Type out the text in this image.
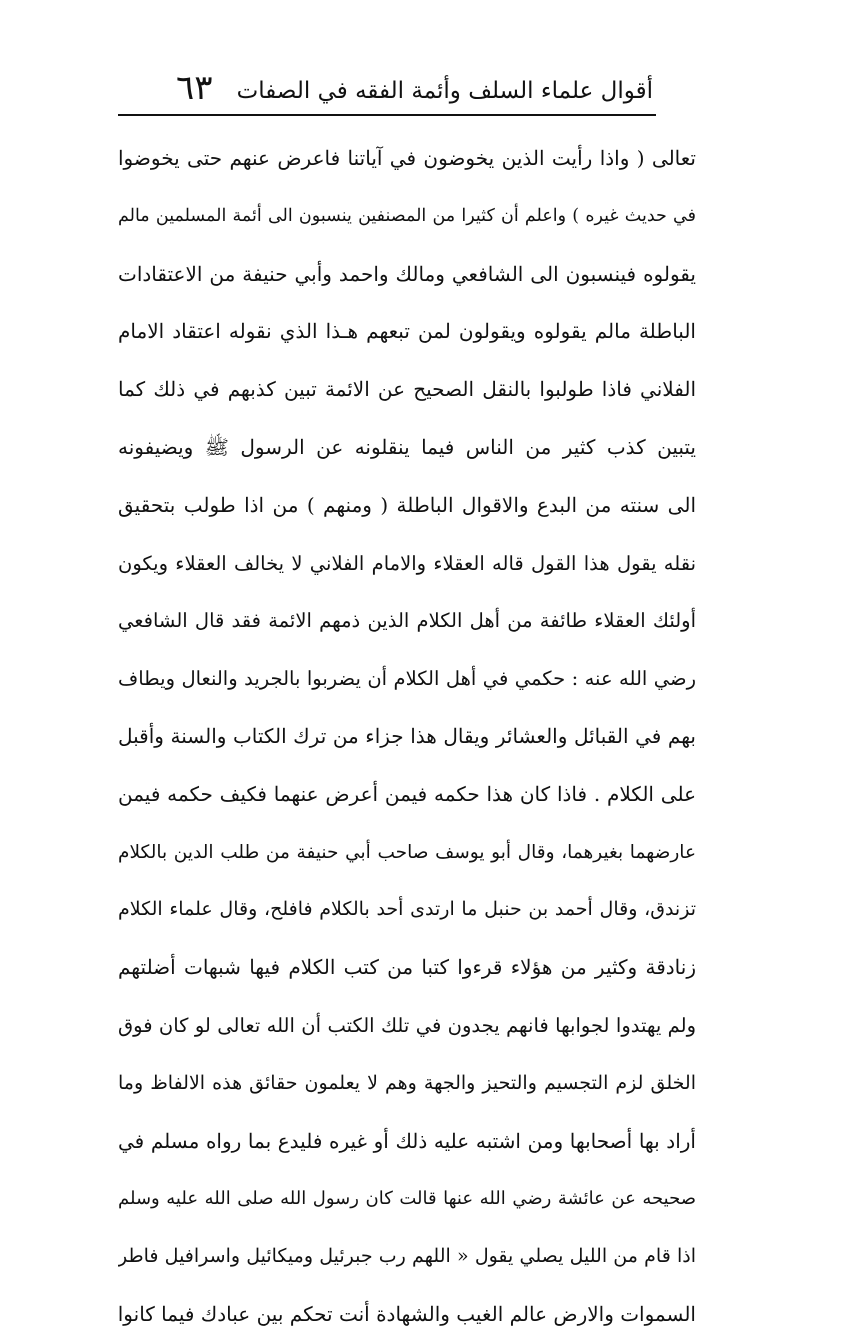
أقوال علماء السلف وأئمة الفقه في الصفات
٦٣
تعالى ( واذا رأيت الذين يخوضون في آياتنا فاعرض عنهم حتى يخوضوا
في حديث غيره ) واعلم أن كثيرا من المصنفين ينسبون الى أئمة المسلمين مالم
يقولوه فينسبون الى الشافعي ومالك واحمد وأبي حنيفة من الاعتقادات
الباطلة مالم يقولوه ويقولون لمن تبعهم هـذا الذي نقوله اعتقاد الامام
الفلاني فاذا طولبوا بالنقل الصحيح عن الائمة تبين كذبهم في ذلك كما
يتبين كذب كثير من الناس فيما ينقلونه عن الرسول ﷺ ويضيفونه
الى سنته من البدع والاقوال الباطلة ( ومنهم ) من اذا طولب بتحقيق
نقله يقول هذا القول قاله العقلاء والامام الفلاني لا يخالف العقلاء ويكون
أولئك العقلاء طائفة من أهل الكلام الذين ذمهم الائمة فقد قال الشافعي
رضي الله عنه : حكمي في أهل الكلام أن يضربوا بالجريد والنعال ويطاف
بهم في القبائل والعشائر ويقال هذا جزاء من ترك الكتاب والسنة وأقبل
على الكلام . فاذا كان هذا حكمه فيمن أعرض عنهما فكيف حكمه فيمن
عارضهما بغيرهما، وقال أبو يوسف صاحب أبي حنيفة من طلب الدين بالكلام
تزندق، وقال أحمد بن حنبل ما ارتدى أحد بالكلام فافلح، وقال علماء الكلام
زنادقة وكثير من هؤلاء قرءوا كتبا من كتب الكلام فيها شبهات أضلتهم
ولم يهتدوا لجوابها فانهم يجدون في تلك الكتب أن الله تعالى لو كان فوق
الخلق لزم التجسيم والتحيز والجهة وهم لا يعلمون حقائق هذه الالفاظ وما
أراد بها أصحابها ومن اشتبه عليه ذلك أو غيره فليدع بما رواه مسلم في
صحيحه عن عائشة رضي الله عنها قالت كان رسول الله صلى الله عليه وسلم
اذا قام من الليل يصلي يقول « اللهم رب جبرئيل وميكائيل واسرافيل فاطر
السموات والارض عالم الغيب والشهادة أنت تحكم بين عبادك فيما كانوا
